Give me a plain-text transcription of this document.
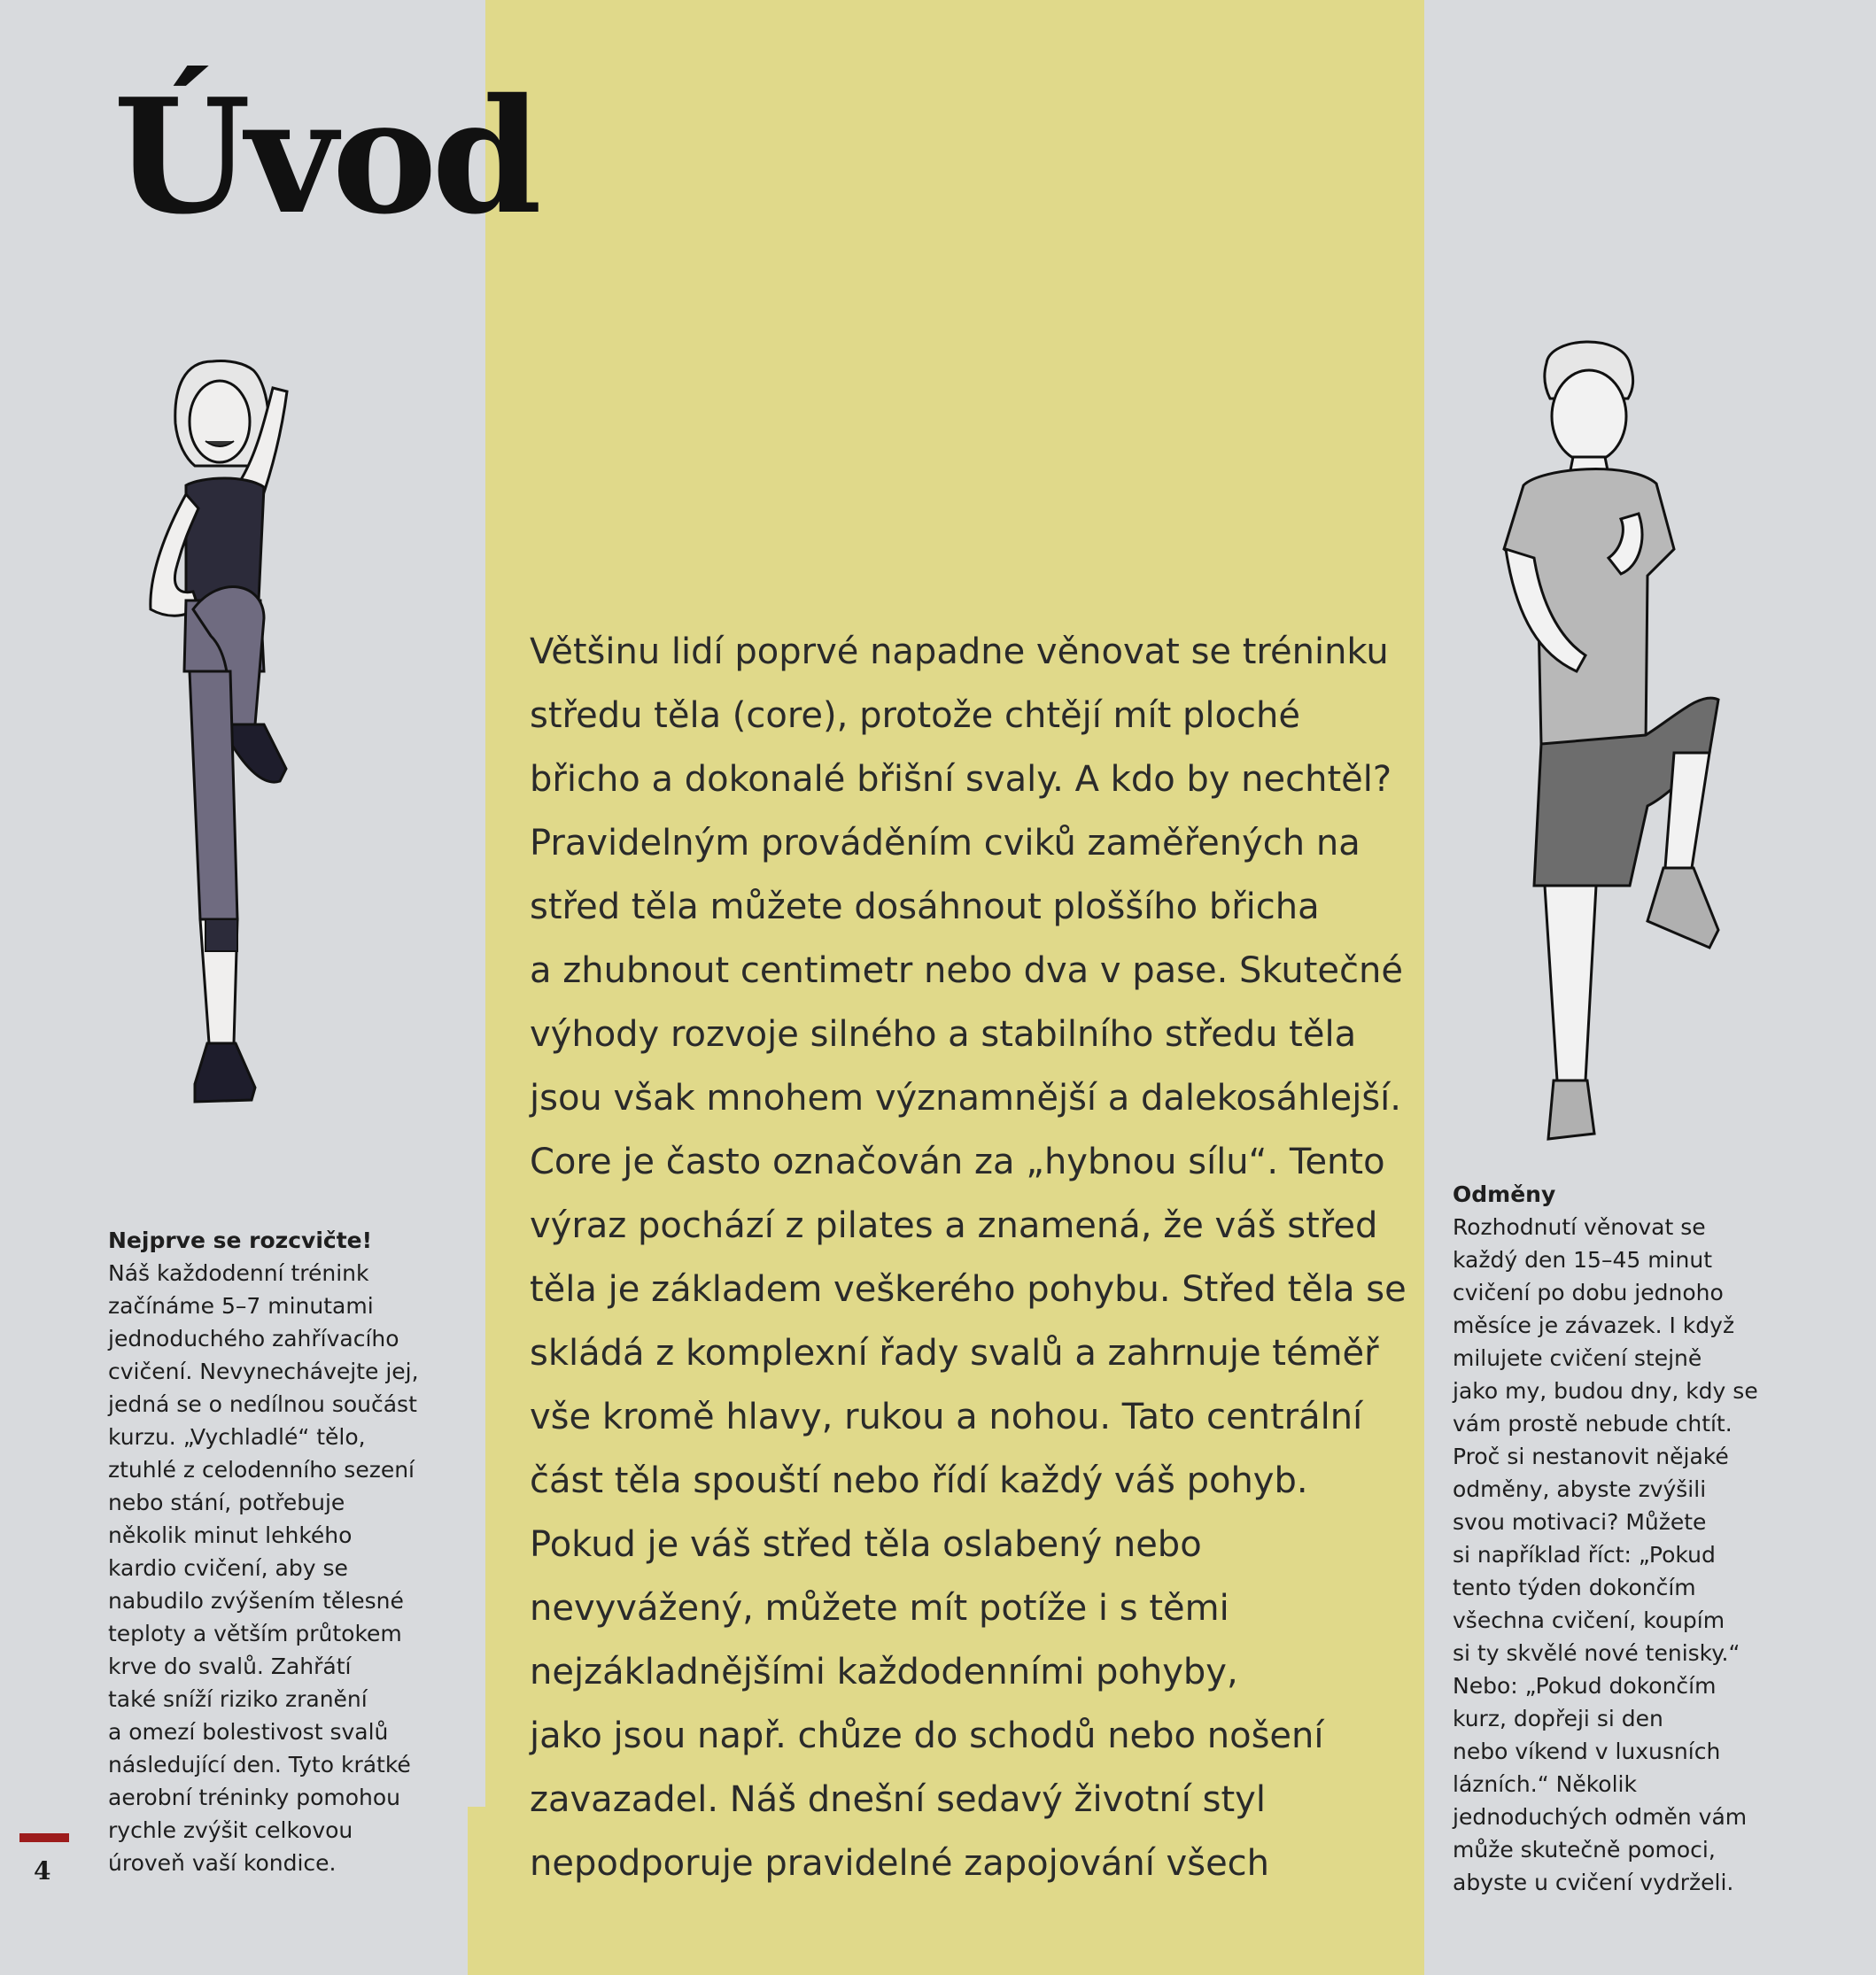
Úvod

Většinu lidí poprvé napadne věnovat se tréninku

středu těla (core), protože chtějí mít ploché

břicho a dokonalé břišní svaly. A kdo by nechtěl?

Pravidelným prováděním cviků zaměřených na

střed těla můžete dosáhnout ploššího břicha

a zhubnout centimetr nebo dva v pase. Skutečné

výhody rozvoje silného a stabilního středu těla

jsou však mnohem významnější a dalekosáhlejší.

Core je často označován za „hybnou sílu“. Tento

výraz pochází z pilates a znamená, že váš střed

těla je základem veškerého pohybu. Střed těla se

skládá z komplexní řady svalů a zahrnuje téměř

vše kromě hlavy, rukou a nohou. Tato centrální

část těla spouští nebo řídí každý váš pohyb.

Pokud je váš střed těla oslabený nebo

nevyvážený, můžete mít potíže i s těmi

nejzákladnějšími každodenními pohyby,

jako jsou např. chůze do schodů nebo nošení

zavazadel. Náš dnešní sedavý životní styl

nepodporuje pravidelné zapojování všech

Nejprve se rozcvičte!
Náš každodenní trénink
začínáme 5–7 minutami
jednoduchého zahřívacího
cvičení. Nevynechávejte jej,
jedná se o nedílnou součást
kurzu. „Vychladlé“ tělo,
ztuhlé z celodenního sezení
nebo stání, potřebuje
několik minut lehkého
kardio cvičení, aby se
nabudilo zvýšením tělesné
teploty a větším průtokem
krve do svalů. Zahřátí
také sníží riziko zranění
a omezí bolestivost svalů
následující den. Tyto krátké
aerobní tréninky pomohou
rychle zvýšit celkovou
úroveň vaší kondice.
Odměny
Rozhodnutí věnovat se
každý den 15–45 minut
cvičení po dobu jednoho
měsíce je závazek. I když
milujete cvičení stejně
jako my, budou dny, kdy se
vám prostě nebude chtít.
Proč si nestanovit nějaké
odměny, abyste zvýšili
svou motivaci? Můžete
si například říct: „Pokud
tento týden dokončím
všechna cvičení, koupím
si ty skvělé nové tenisky.“
Nebo: „Pokud dokončím
kurz, dopřeji si den
nebo víkend v luxusních
lázních.“ Několik
jednoduchých odměn vám
může skutečně pomoci,
abyste u cvičení vydrželi.
4
